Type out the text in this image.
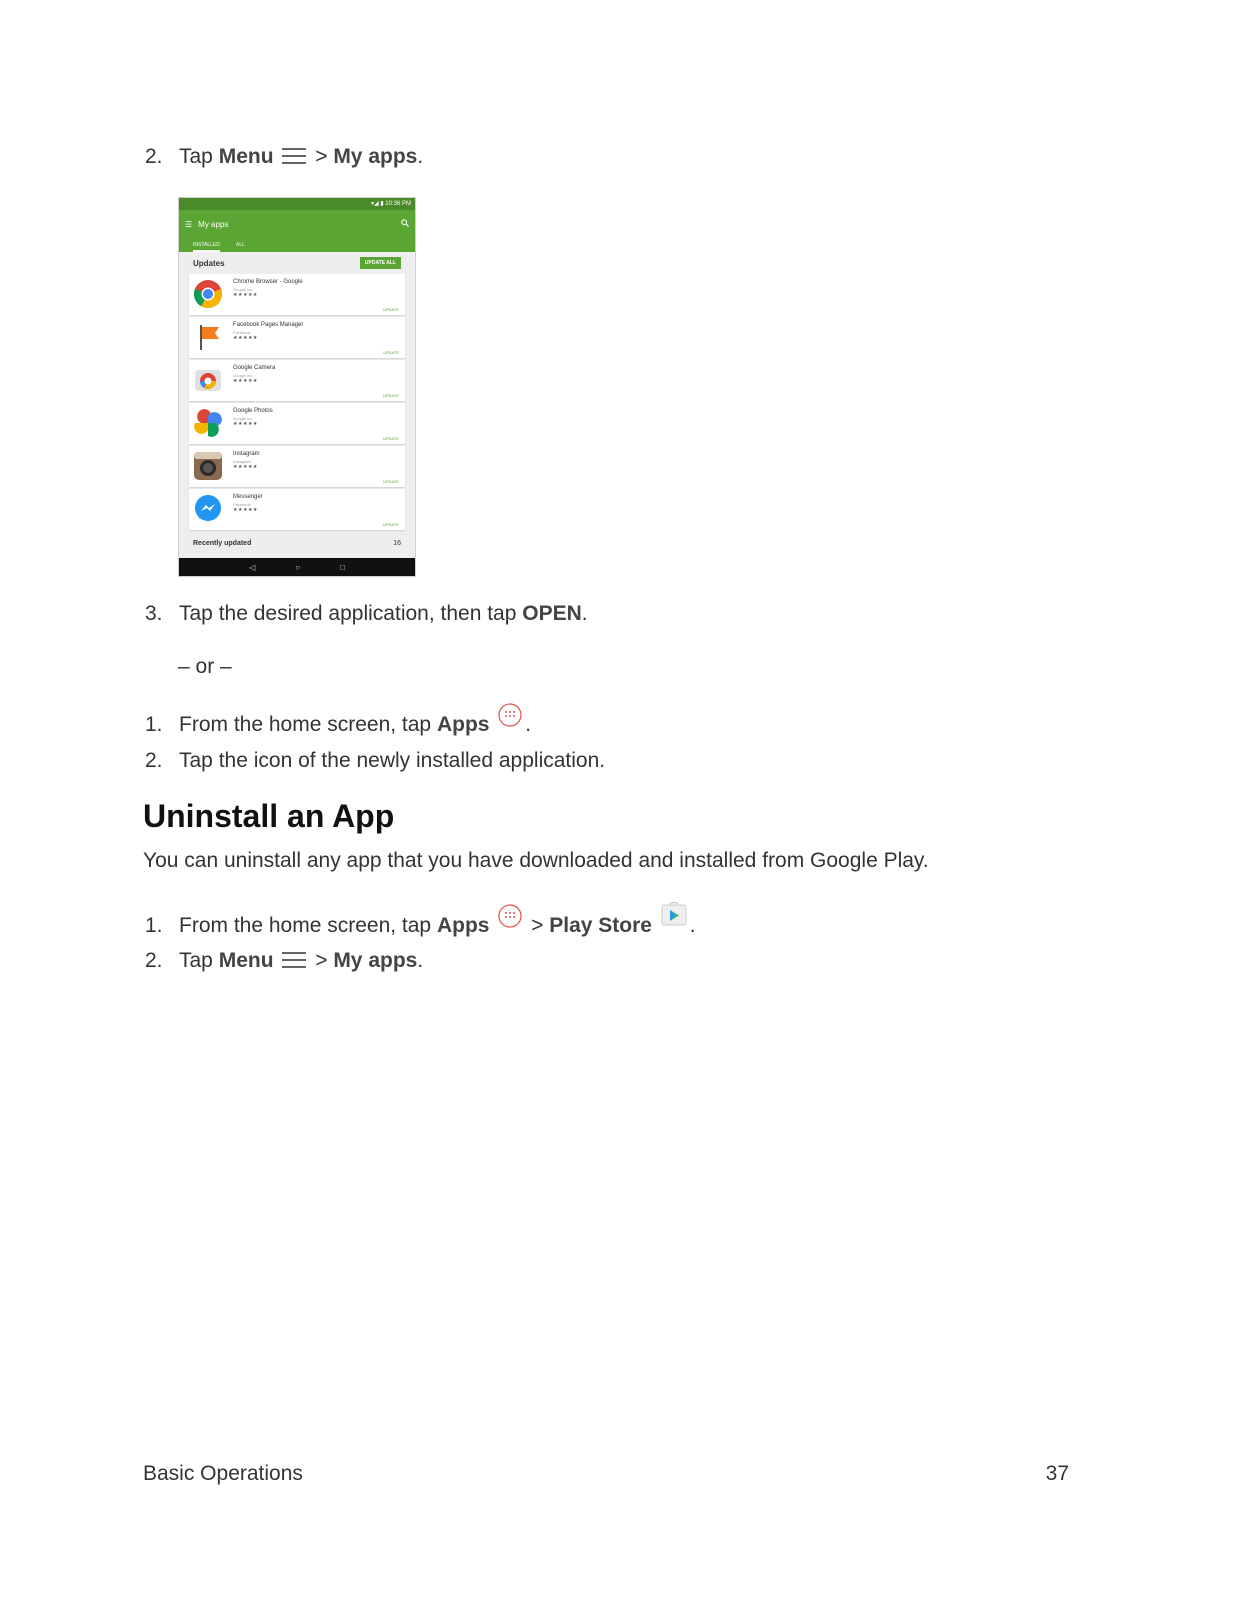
2. Tap Menu  > My apps.
▾◢ ▮ 10:36 PM
☰ My apps
INSTALLED	ALL
Updates	UPDATE ALL
Chrome Browser - Google
Google Inc.
★★★★★
UPDATE
Facebook Pages Manager
Facebook
★★★★★
UPDATE
Google Camera
Google Inc.
★★★★★
UPDATE
Google Photos
Google Inc.
★★★★★
UPDATE
Instagram
Instagram
★★★★★
UPDATE
Messenger
Facebook
★★★★★
UPDATE
Recently updated	16
◁	○	□
3. Tap the desired application, then tap OPEN.
– or –
1. From the home screen, tap Apps .
2. Tap the icon of the newly installed application.
Uninstall an App
You can uninstall any app that you have downloaded and installed from Google Play.
1. From the home screen, tap Apps  > Play Store .
2. Tap Menu  > My apps.
Basic Operations	37
